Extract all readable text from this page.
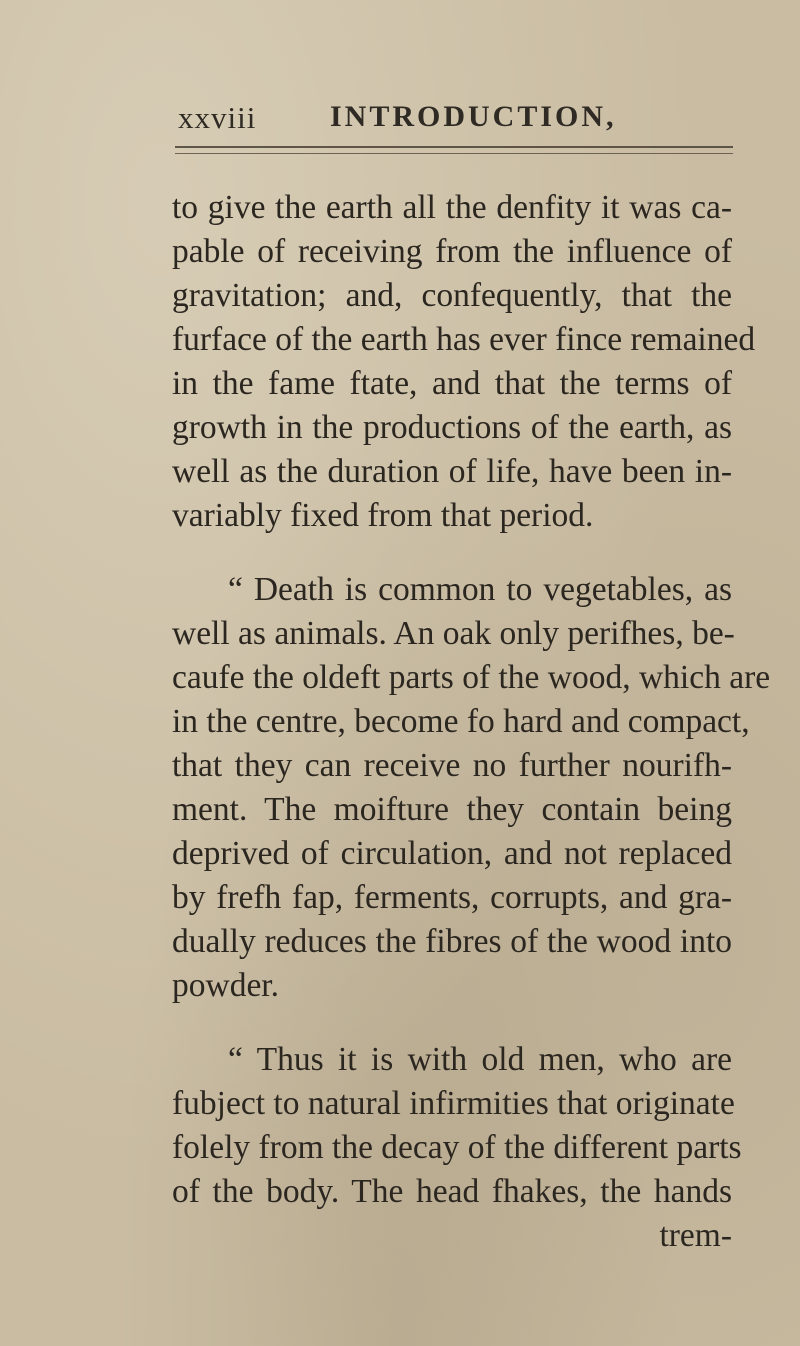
xxviii INTRODUCTION,
to give the earth all the denfity it was ca-
pable of receiving from the influence of
gravitation; and, confequently, that the
furface of the earth has ever fince remained
in the fame ftate, and that the terms of
growth in the productions of the earth, as
well as the duration of life, have been in-
variably fixed from that period.
“ Death is common to vegetables, as
well as animals. An oak only perifhes, be-
caufe the oldeft parts of the wood, which are
in the centre, become fo hard and compact,
that they can receive no further nourifh-
ment. The moifture they contain being
deprived of circulation, and not replaced
by frefh fap, ferments, corrupts, and gra-
dually reduces the fibres of the wood into
powder.
“ Thus it is with old men, who are
fubject to natural infirmities that originate
folely from the decay of the different parts
of the body. The head fhakes, the hands
trem-
